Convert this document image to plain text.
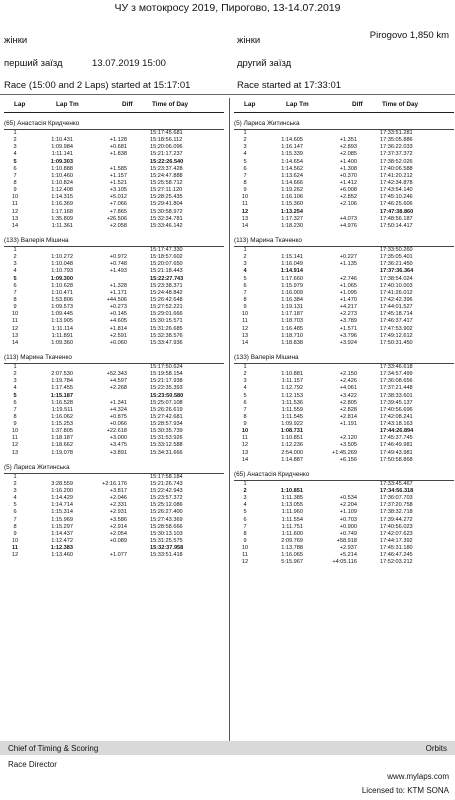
ЧУ з мотокросу 2019, Пирогово, 13-14.07.2019
жінки	жінки	Pirogovo 1,850 km
перший заїзд	13.07.2019 15:00	другий заїзд
Race (15:00 and 2 Laps) started at 15:17:01	Race started at 17:33:01
Lap	Lap Tm	Diff	Time of Day
(65) Анастасія Кридченко
1	15:17:45.681
2	1:10.431	+1.128	15:18:56.112
3	1:09.984	+0.681	15:20:06.096
4	1:11.141	+1.838	15:21:17.237
5	1:09.303	15:22:26.540
6	1:10.888	+1.585	15:23:37.428
7	1:10.460	+1.157	15:24:47.888
8	1:10.824	+1.521	15:25:58.712
9	1:12.408	+3.105	15:27:11.120
10	1:14.315	+5.012	15:28:25.435
11	1:16.369	+7.066	15:29:41.804
12	1:17.168	+7.865	15:30:58.972
13	1:35.809	+26.506	15:32:34.781
14	1:11.361	+2.058	15:33:46.142
(133) Валерія Мішина
1	15:17:47.330
2	1:10.272	+0.972	15:18:57.602
3	1:10.048	+0.748	15:20:07.650
4	1:10.793	+1.493	15:21:18.443
5	1:09.300	15:22:27.743
6	1:10.628	+1.328	15:23:38.371
7	1:10.471	+1.171	15:24:48.842
8	1:53.806	+44.506	15:26:42.648
9	1:09.573	+0.273	15:27:52.221
10	1:09.445	+0.145	15:29:01.666
11	1:13.905	+4.605	15:30:15.571
12	1:11.114	+1.814	15:31:26.685
13	1:11.891	+2.591	15:32:38.576
14	1:09.360	+0.060	15:33:47.936
(113) Марина Ткаченко
1	15:17:50.624
2	2:07.530	+52.343	15:19:58.154
3	1:19.784	+4.597	15:21:17.938
4	1:17.455	+2.268	15:22:35.393
5	1:15.187	15:23:50.580
6	1:16.528	+1.341	15:25:07.108
7	1:19.511	+4.324	15:26:26.619
8	1:16.062	+0.875	15:27:42.681
9	1:15.253	+0.066	15:28:57.934
10	1:37.805	+22.618	15:30:35.739
11	1:18.187	+3.000	15:31:53.926
12	1:18.662	+3.475	15:33:12.588
13	1:19.078	+3.891	15:34:31.666
(5) Лариса Житинська
1	15:17:58.184
2	3:28.559	+2:16.176	15:21:26.743
3	1:16.200	+3.817	15:22:42.943
4	1:14.429	+2.046	15:23:57.372
5	1:14.714	+2.331	15:25:12.086
6	1:15.314	+2.931	15:26:27.400
7	1:15.969	+3.586	15:27:43.369
8	1:15.297	+2.914	15:28:58.666
9	1:14.437	+2.054	15:30:13.103
10	1:12.472	+0.089	15:31:25.575
11	1:12.383	15:32:37.958
12	1:13.460	+1.077	15:33:51.418
Lap	Lap Tm	Diff	Time of Day
(5) Лариса Житинська
1	17:33:51.281
2	1:14.605	+1.351	17:35:05.886
3	1:16.147	+2.893	17:36:22.033
4	1:15.339	+2.085	17:37:37.372
5	1:14.654	+1.400	17:38:52.026
6	1:14.562	+1.308	17:40:06.588
7	1:13.624	+0.370	17:41:20.212
8	1:14.666	+1.412	17:42:34.878
9	1:19.262	+6.008	17:43:54.140
10	1:16.106	+2.852	17:45:10.246
11	1:15.360	+2.106	17:46:25.606
12	1:13.254	17:47:38.860
13	1:17.327	+4.073	17:48:56.187
14	1:18.230	+4.976	17:50:14.417
(113) Марина Ткаченко
1	17:33:50.260
2	1:15.141	+0.227	17:35:05.401
3	1:16.049	+1.135	17:36:21.450
4	1:14.914	17:37:36.364
5	1:17.660	+2.746	17:38:54.024
6	1:15.979	+1.065	17:40:10.003
7	1:16.009	+1.095	17:41:26.012
8	1:16.384	+1.470	17:42:42.396
9	1:19.131	+4.217	17:44:01.527
10	1:17.187	+2.273	17:45:18.714
11	1:18.703	+3.789	17:46:37.417
12	1:16.485	+1.571	17:47:53.902
13	1:18.710	+3.796	17:49:12.612
14	1:18.838	+3.924	17:50:31.450
(133) Валерія Мішина
1	17:33:46.618
2	1:10.881	+2.150	17:34:57.499
3	1:11.157	+2.426	17:36:08.656
4	1:12.792	+4.061	17:37:21.448
5	1:12.153	+3.422	17:38:33.601
6	1:11.536	+2.805	17:39:45.137
7	1:11.559	+2.828	17:40:56.696
8	1:11.545	+2.814	17:42:08.241
9	1:09.922	+1.191	17:43:18.163
10	1:08.731	17:44:26.894
11	1:10.851	+2.120	17:45:37.745
12	1:12.236	+3.505	17:46:49.981
13	2:54.000	+1:45.269	17:49:43.981
14	1:14.887	+6.156	17:50:58.868
(65) Анастасія Кридченко
1	17:33:45.467
2	1:10.851	17:34:56.318
3	1:11.385	+0.534	17:36:07.703
4	1:13.055	+2.204	17:37:20.758
5	1:11.960	+1.109	17:38:32.718
6	1:11.554	+0.703	17:39:44.272
7	1:11.751	+0.900	17:40:56.023
8	1:11.600	+0.749	17:42:07.623
9	2:09.769	+58.918	17:44:17.392
10	1:13.788	+2.937	17:45:31.180
11	1:16.065	+5.214	17:46:47.245
12	5:15.967	+4:05.116	17:52:03.212
Chief of Timing & Scoring	Orbits
Race Director
www.mylaps.com
Licensed to: KTM SONA
